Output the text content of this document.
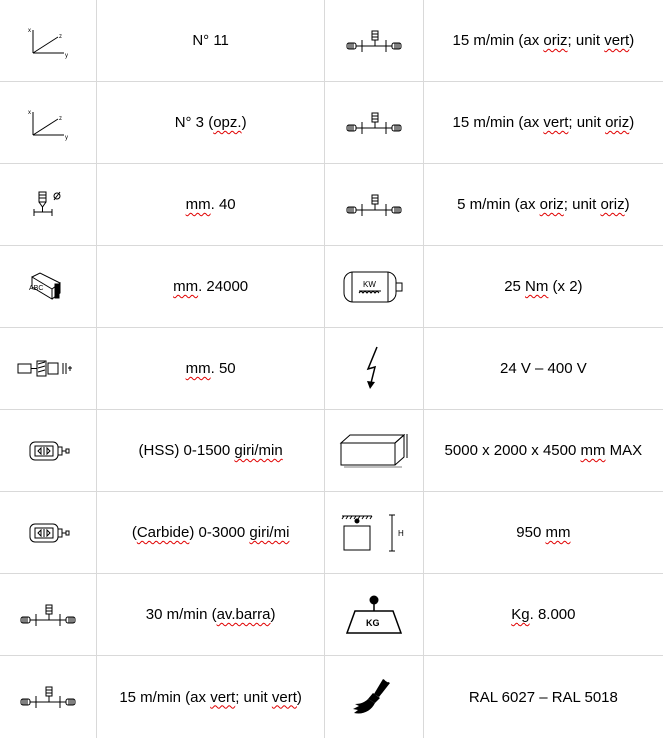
	N° 11		15 m/min (ax oriz; unit vert)

	N° 3 (opz.)		15 m/min (ax vert; unit oriz)

	mm. 40		5 m/min (ax oriz; unit oriz)

ABC	mm. 24000	KW	25 Nm (x 2)

	mm. 50		24 V – 400 V

	(HSS) 0-1500 giri/min		5000 x 2000 x 4500 mm MAX

	(Carbide) 0-3000 giri/mi	H	950 mm

	30 m/min (av.barra)	KG	Kg. 8.000

	15 m/min (ax vert; unit vert)		RAL 6027 – RAL 5018
